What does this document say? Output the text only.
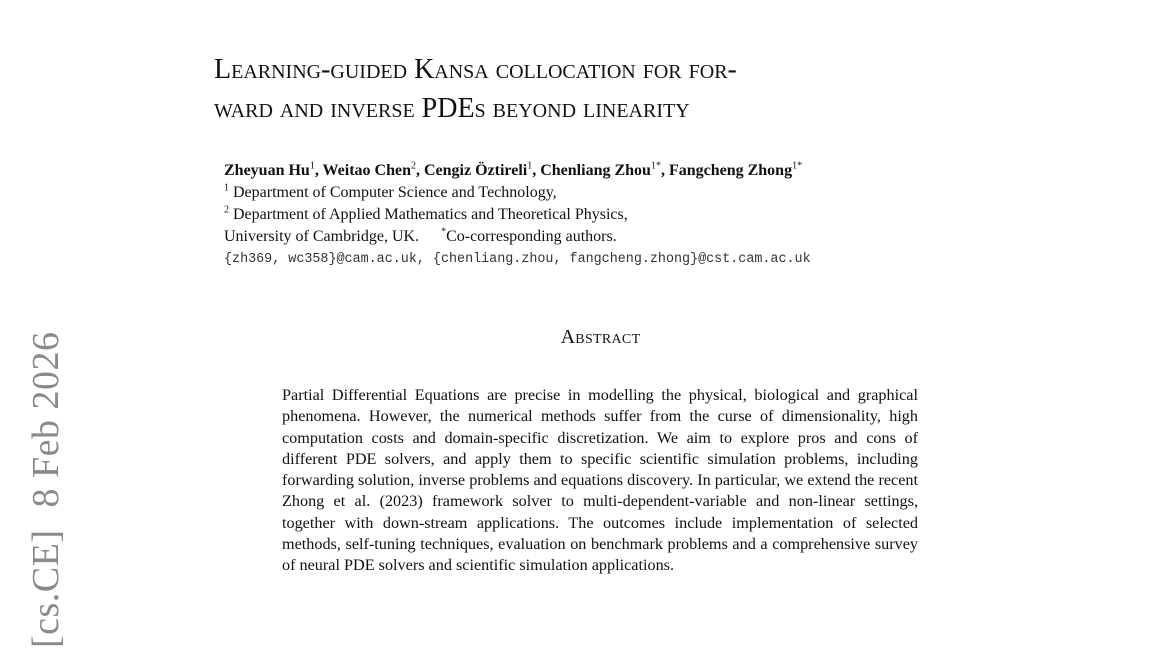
[cs.CE]8 Feb 2026
Learning-guided Kansa collocation for for-
ward and inverse PDEs beyond linearity
Zheyuan Hu$^1$, Weitao Chen$^2$, Cengiz Öztireli$^1$, Chenliang Zhou$^{1*}$, Fangcheng Zhong$^{1*}$
$^1$ Department of Computer Science and Technology,
$^2$ Department of Applied Mathematics and Theoretical Physics,
University of Cambridge, UK. *Co-corresponding authors.
{zh369, wc358}@cam.ac.uk, {chenliang.zhou, fangcheng.zhong}@cst.cam.ac.uk
Abstract
Partial Differential Equations are precise in modelling the physical, biological and graphical phenomena. However, the numerical methods suffer from the curse of dimensionality, high computation costs and domain-specific discretization. We aim to explore pros and cons of different PDE solvers, and apply them to specific scientific simulation problems, including forwarding solution, inverse problems and equations discovery. In particular, we extend the recent Zhong et al. (2023) framework solver to multi-dependent-variable and non-linear settings, together with down-stream applications. The outcomes include implementation of selected methods, self-tuning techniques, evaluation on benchmark problems and a comprehensive survey of neural PDE solvers and scientific simulation applications.
